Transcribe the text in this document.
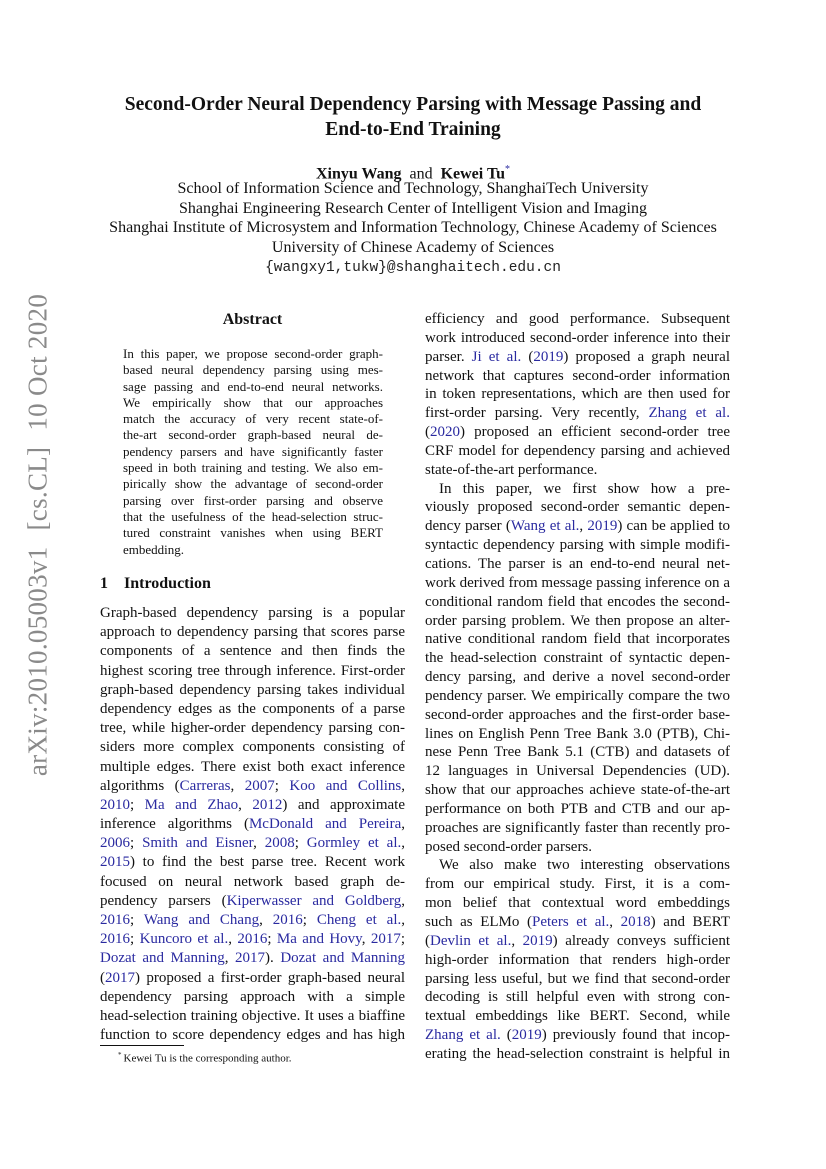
arXiv:2010.05003v1[cs.CL]10 Oct 2020
Second-Order Neural Dependency Parsing with Message Passing and
End-to-End Training
Xinyu Wang and Kewei Tu*
School of Information Science and Technology, ShanghaiTech University
Shanghai Engineering Research Center of Intelligent Vision and Imaging
Shanghai Institute of Microsystem and Information Technology, Chinese Academy of Sciences
University of Chinese Academy of Sciences
{wangxy1,tukw}@shanghaitech.edu.cn
Abstract
In this paper, we propose second-order graph-
based neural dependency parsing using mes-
sage passing and end-to-end neural networks.
We empirically show that our approaches
match the accuracy of very recent state-of-
the-art second-order graph-based neural de-
pendency parsers and have significantly faster
speed in both training and testing. We also em-
pirically show the advantage of second-order
parsing over first-order parsing and observe
that the usefulness of the head-selection struc-
tured constraint vanishes when using BERT
embedding.
1 Introduction
Graph-based dependency parsing is a popular
approach to dependency parsing that scores parse
components of a sentence and then finds the
highest scoring tree through inference. First-order
graph-based dependency parsing takes individual
dependency edges as the components of a parse
tree, while higher-order dependency parsing con-
siders more complex components consisting of
multiple edges. There exist both exact inference
algorithms (Carreras, 2007; Koo and Collins,
2010; Ma and Zhao, 2012) and approximate
inference algorithms (McDonald and Pereira,
2006; Smith and Eisner, 2008; Gormley et al.,
2015) to find the best parse tree. Recent work
focused on neural network based graph de-
pendency parsers (Kiperwasser and Goldberg,
2016; Wang and Chang, 2016; Cheng et al.,
2016; Kuncoro et al., 2016; Ma and Hovy, 2017;
Dozat and Manning, 2017). Dozat and Manning
(2017) proposed a first-order graph-based neural
dependency parsing approach with a simple
head-selection training objective. It uses a biaffine
function to score dependency edges and has high
efficiency and good performance. Subsequent
work introduced second-order inference into their
parser. Ji et al. (2019) proposed a graph neural
network that captures second-order information
in token representations, which are then used for
first-order parsing. Very recently, Zhang et al.
(2020) proposed an efficient second-order tree
CRF model for dependency parsing and achieved
state-of-the-art performance.
In this paper, we first show how a pre-
viously proposed second-order semantic depen-
dency parser (Wang et al., 2019) can be applied to
syntactic dependency parsing with simple modifi-
cations. The parser is an end-to-end neural net-
work derived from message passing inference on a
conditional random field that encodes the second-
order parsing problem. We then propose an alter-
native conditional random field that incorporates
the head-selection constraint of syntactic depen-
dency parsing, and derive a novel second-order
pendency parser. We empirically compare the two
second-order approaches and the first-order base-
lines on English Penn Tree Bank 3.0 (PTB), Chi-
nese Penn Tree Bank 5.1 (CTB) and datasets of
12 languages in Universal Dependencies (UD).
show that our approaches achieve state-of-the-art
performance on both PTB and CTB and our ap-
proaches are significantly faster than recently pro-
posed second-order parsers.
We also make two interesting observations
from our empirical study. First, it is a com-
mon belief that contextual word embeddings
such as ELMo (Peters et al., 2018) and BERT
(Devlin et al., 2019) already conveys sufficient
high-order information that renders high-order
parsing less useful, but we find that second-order
decoding is still helpful even with strong con-
textual embeddings like BERT. Second, while
Zhang et al. (2019) previously found that incop-
erating the head-selection constraint is helpful in
* Kewei Tu is the corresponding author.
